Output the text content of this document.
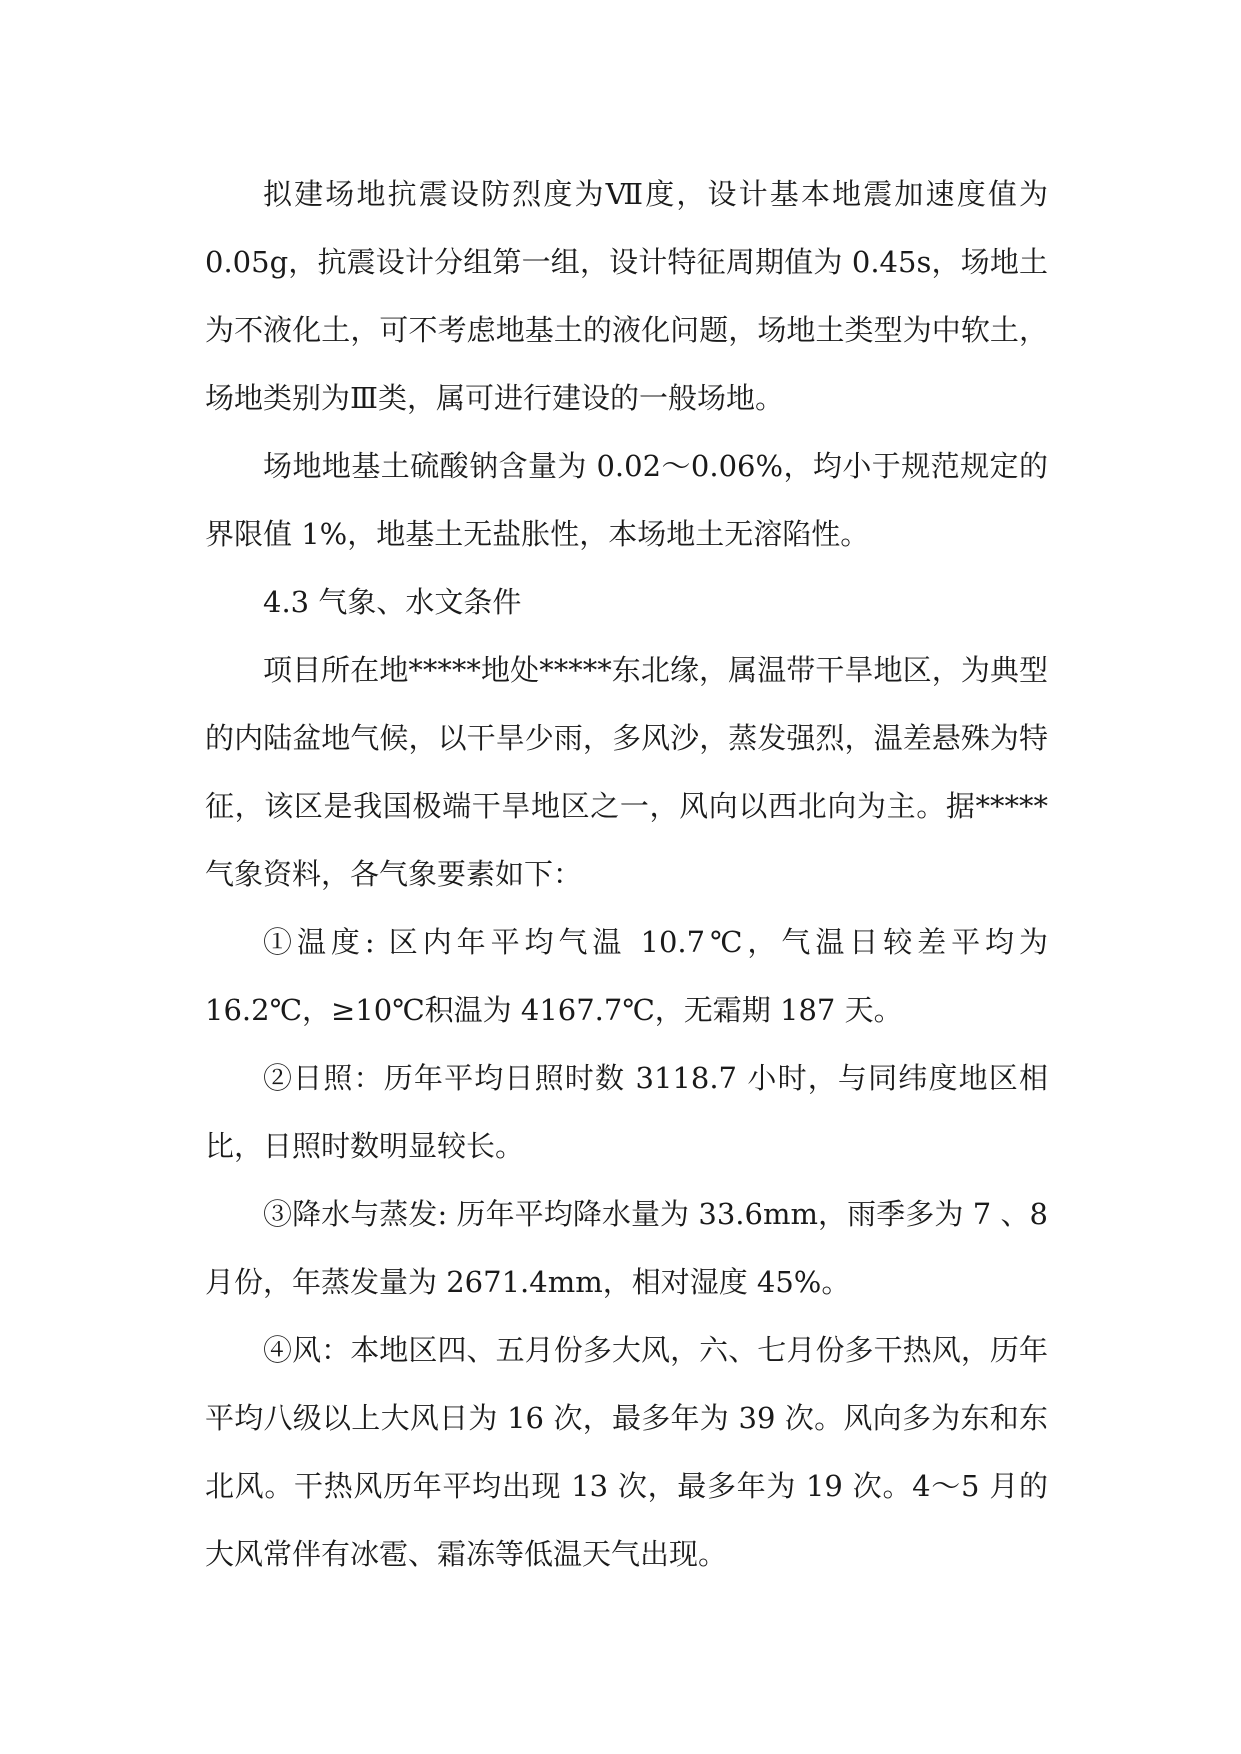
拟建场地抗震设防烈度为Ⅶ度，设计基本地震加速度值为0.05g，抗震设计分组第一组，设计特征周期值为 0.45s，场地土为不液化土，可不考虑地基土的液化问题，场地土类型为中软土，场地类别为Ⅲ类，属可进行建设的一般场地。

场地地基土硫酸钠含量为 0.02～0.06%，均小于规范规定的界限值 1%，地基土无盐胀性，本场地土无溶陷性。

4.3 气象、水文条件

项目所在地*****地处*****东北缘，属温带干旱地区，为典型的内陆盆地气候，以干旱少雨，多风沙，蒸发强烈，温差悬殊为特征，该区是我国极端干旱地区之一，风向以西北向为主。据*****气象资料，各气象要素如下：

①温度: 区内年平均气温 10.7℃，气温日较差平均为 16.2℃，≥10℃积温为 4167.7℃，无霜期 187 天。

②日照：历年平均日照时数 3118.7 小时，与同纬度地区相比，日照时数明显较长。

③降水与蒸发: 历年平均降水量为 33.6mm，雨季多为 7 、8 月份，年蒸发量为 2671.4mm，相对湿度 45%。

④风：本地区四、五月份多大风，六、七月份多干热风，历年平均八级以上大风日为 16 次，最多年为 39 次。风向多为东和东北风。干热风历年平均出现 13 次，最多年为 19 次。4～5 月的大风常伴有冰雹、霜冻等低温天气出现。
